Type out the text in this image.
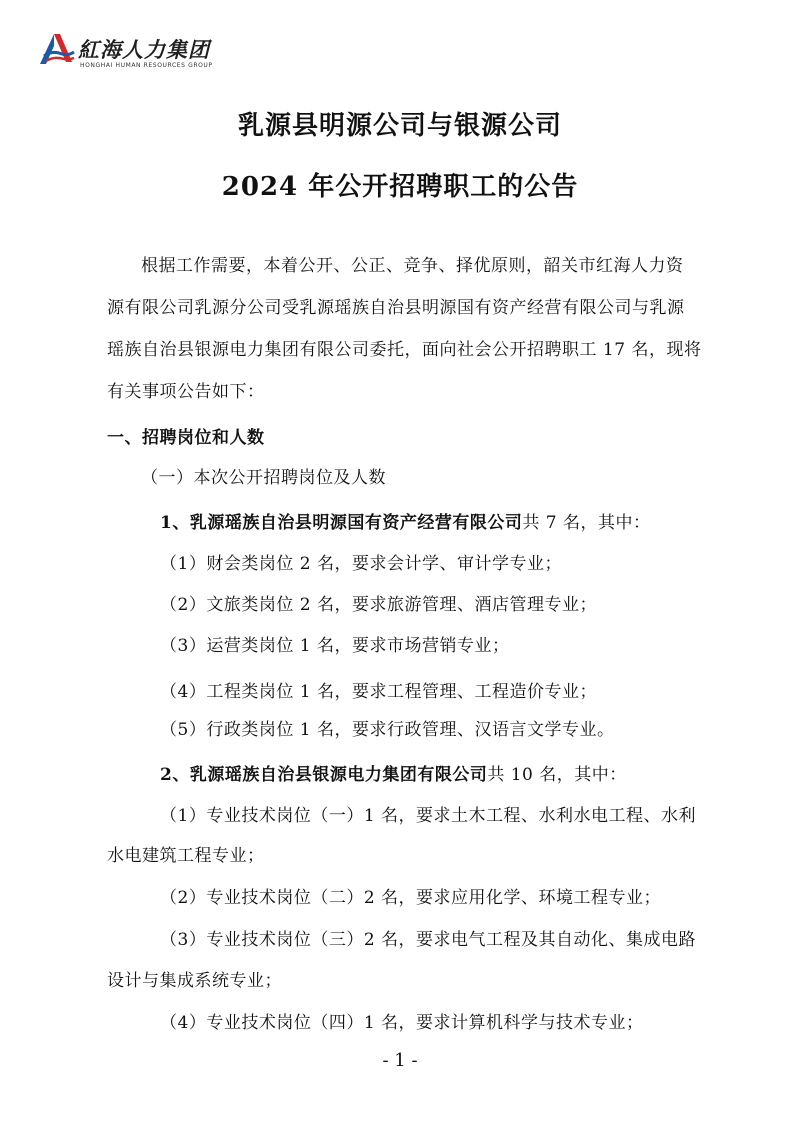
紅海人力集团
HONGHAI HUMAN RESOURCES GROUP
乳源县明源公司与银源公司
2024 年公开招聘职工的公告
根据工作需要，本着公开、公正、竞争、择优原则，韶关市红海人力资
源有限公司乳源分公司受乳源瑶族自治县明源国有资产经营有限公司与乳源
瑶族自治县银源电力集团有限公司委托，面向社会公开招聘职工 17 名，现将
有关事项公告如下：
一、招聘岗位和人数
（一）本次公开招聘岗位及人数
1、乳源瑶族自治县明源国有资产经营有限公司共 7 名，其中：
（1）财会类岗位 2 名，要求会计学、审计学专业；
（2）文旅类岗位 2 名，要求旅游管理、酒店管理专业；
（3）运营类岗位 1 名，要求市场营销专业；
（4）工程类岗位 1 名，要求工程管理、工程造价专业；
（5）行政类岗位 1 名，要求行政管理、汉语言文学专业。
2、乳源瑶族自治县银源电力集团有限公司共 10 名，其中：
（1）专业技术岗位（一）1 名，要求土木工程、水利水电工程、水利
水电建筑工程专业；
（2）专业技术岗位（二）2 名，要求应用化学、环境工程专业；
（3）专业技术岗位（三）2 名，要求电气工程及其自动化、集成电路
设计与集成系统专业；
（4）专业技术岗位（四）1 名，要求计算机科学与技术专业；
- 1 -
